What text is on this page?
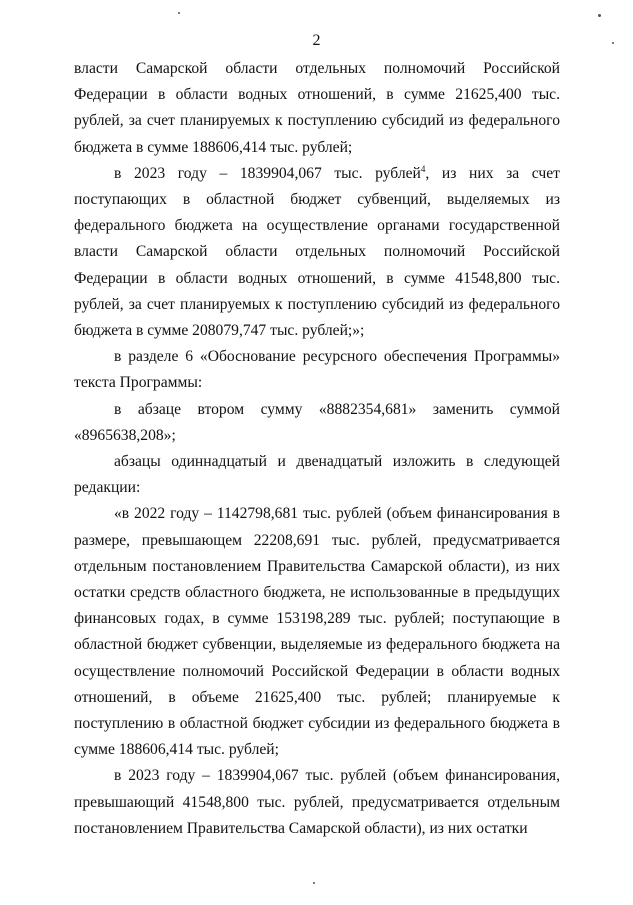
2

власти Самарской области отдельных полномочий Российской Федерации в области водных отношений, в сумме 21625,400 тыс. рублей, за счет планируемых к поступлению субсидий из федерального бюджета в сумме 188606,414 тыс. рублей;

в 2023 году – 1839904,067 тыс. рублей$^4$, из них за счет поступающих в областной бюджет субвенций, выделяемых из федерального бюджета на осуществление органами государственной власти Самарской области отдельных полномочий Российской Федерации в области водных отношений, в сумме 41548,800 тыс. рублей, за счет планируемых к поступлению субсидий из федерального бюджета в сумме 208079,747 тыс. рублей;»;

в разделе 6 «Обоснование ресурсного обеспечения Программы» текста Программы:

в абзаце втором сумму «8882354,681» заменить суммой «8965638,208»;

абзацы одиннадцатый и двенадцатый изложить в следующей редакции:

«в 2022 году – 1142798,681 тыс. рублей (объем финансирования в размере, превышающем 22208,691 тыс. рублей, предусматривается отдельным постановлением Правительства Самарской области), из них остатки средств областного бюджета, не использованные в предыдущих финансовых годах, в сумме 153198,289 тыс. рублей; поступающие в областной бюджет субвенции, выделяемые из федерального бюджета на осуществление полномочий Российской Федерации в области водных отношений, в объеме 21625,400 тыс. рублей; планируемые к поступлению в областной бюджет субсидии из федерального бюджета в сумме 188606,414 тыс. рублей;

в 2023 году – 1839904,067 тыс. рублей (объем финансирования, превышающий 41548,800 тыс. рублей, предусматривается отдельным постановлением Правительства Самарской области), из них остатки
